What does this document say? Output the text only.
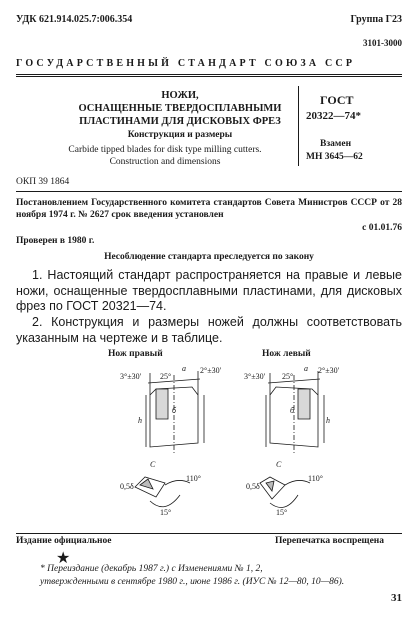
УДК 621.914.025.7:006.354	Группа Г23
3101-3000
ГОСУДАРСТВЕННЫЙ СТАНДАРТ СОЮЗА ССР
НОЖИ,
ОСНАЩЕННЫЕ ТВЕРДОСПЛАВНЫМИ
ПЛАСТИНАМИ ДЛЯ ДИСКОВЫХ ФРЕЗ
Конструкция и размеры
Carbide tipped blades for disk type milling cutters.
Construction and dimensions
ГОСТ
20322—74*
Взамен
МН 3645—62
ОКП 39 1864
Постановлением Государственного комитета стандартов Совета Министров СССР от 28 ноября 1974 г. № 2627 срок введения установлен
с 01.01.76
Проверен в 1980 г.
Несоблюдение стандарта преследуется по закону
1. Настоящий стандарт распространяется на правые и левые ножи, оснащенные твердосплавными пластинами, для дисковых фрез по ГОСТ 20321—74.
2. Конструкция и размеры ножей должны соответствовать указанным на чертеже и в таблице.
Нож правый	Нож левый
3°±30' 25°
2°±30'
a
h
б
C
0,5δ
110°
15°
3°±30' 25°
2°±30'
a
h
б
C
0,5δ
110°
15°
Издание официальное	Перепечатка воспрещена
★
* Переиздание (декабрь 1987 г.) с Изменениями № 1, 2,
утвержденными в сентябре 1980 г., июне 1986 г. (ИУС № 12—80, 10—86).
31
